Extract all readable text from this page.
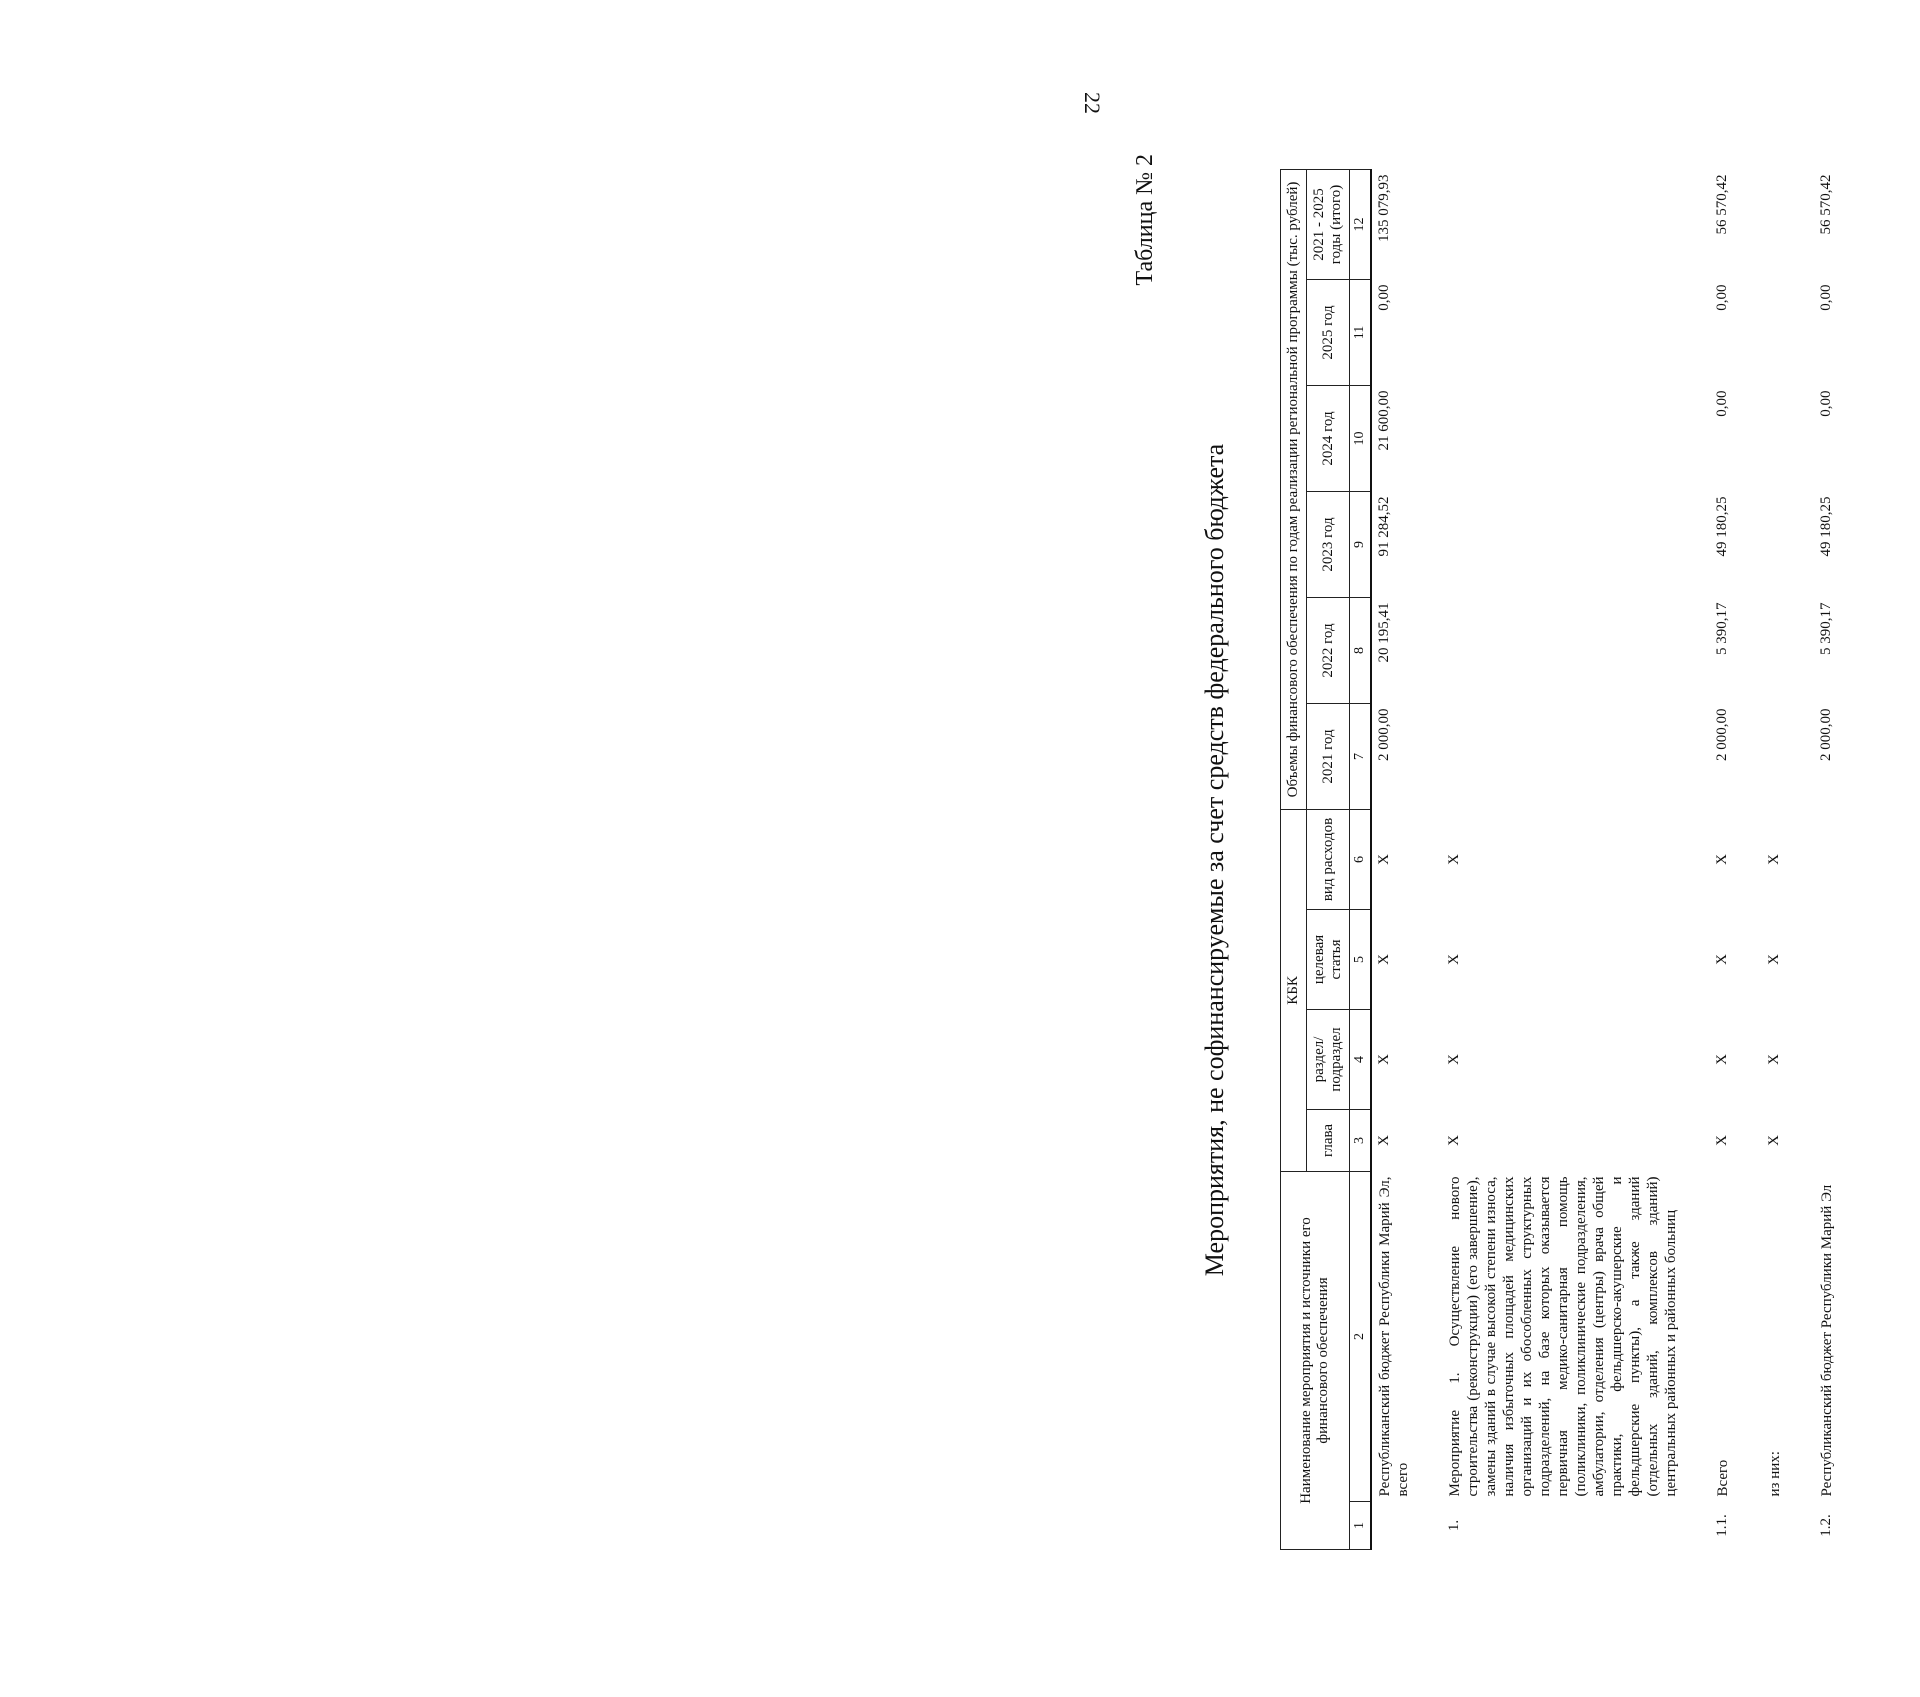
22
Таблица № 2
Мероприятия, не софинансируемые за счет средств федерального бюджета
Наименование мероприятия и источники его финансового обеспечения		КБК				Объемы финансового обеспечения по годам реализации региональной программы (тыс. рублей)					
		глава	раздел/ подраздел	целевая статья	вид расходов	2021 год	2022 год	2023 год	2024 год	2025 год	2021 - 2025 годы (итого)
1	2	3	4	5	6	7	8	9	10	11	12
	Республиканский бюджет Республики Марий Эл, всего	Х	Х	Х	Х	2 000,00	20 195,41	91 284,52	21 600,00	0,00	135 079,93

1.	Мероприятие 1. Осуществление нового строительства (реконструкции) (его завершение), замены зданий в случае высокой степени износа, наличия избыточных площадей медицинских организаций и их обособленных структурных подразделений, на базе которых оказывается первичная медико-санитарная помощь (поликлиники, поликлинические подразделения, амбулатории, отделения (центры) врача общей практики, фельдшерско-акушерские и фельдшерские пункты), а также зданий (отдельных зданий, комплексов зданий) центральных районных и районных больниц	Х	Х	Х	Х						

1.1.	Всего	Х	Х	Х	Х	2 000,00	5 390,17	49 180,25	0,00	0,00	56 570,42

	из них:	Х	Х	Х	Х						

1.2.	Республиканский бюджет Республики Марий Эл					2 000,00	5 390,17	49 180,25	0,00	0,00	56 570,42
